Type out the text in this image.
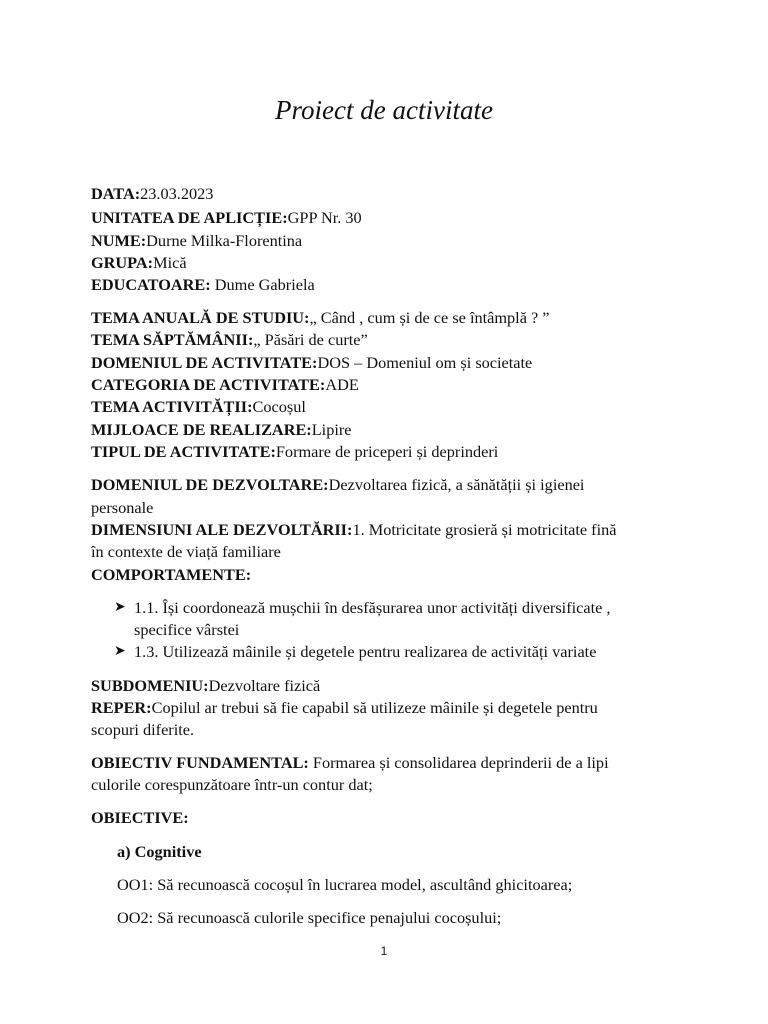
Proiect de activitate
DATA:23.03.2023
UNITATEA DE APLICȚIE:GPP Nr. 30
NUME:Durne Milka-Florentina
GRUPA:Mică
EDUCATOARE: Dume Gabriela
TEMA ANUALĂ DE STUDIU:„ Când , cum și de ce se întâmplă ? ”
TEMA SĂPTĂMÂNII:„ Păsări de curte”
DOMENIUL DE ACTIVITATE:DOS – Domeniul om și societate
CATEGORIA DE ACTIVITATE:ADE
TEMA ACTIVITĂȚII:Cocoșul
MIJLOACE DE REALIZARE:Lipire
TIPUL DE ACTIVITATE:Formare de priceperi și deprinderi
DOMENIUL DE DEZVOLTARE:Dezvoltarea fizică, a sănătății și igienei
personale
DIMENSIUNI ALE DEZVOLTĂRII:1. Motricitate grosieră și motricitate fină
în contexte de viață familiare
COMPORTAMENTE:
➤ 1.1. Își coordonează mușchii în desfășurarea unor activități diversificate ,
specifice vârstei
➤ 1.3. Utilizează mâinile și degetele pentru realizarea de activități variate
SUBDOMENIU:Dezvoltare fizică
REPER:Copilul ar trebui să fie capabil să utilizeze mâinile și degetele pentru
scopuri diferite.
OBIECTIV FUNDAMENTAL: Formarea și consolidarea deprinderii de a lipi
culorile corespunzătoare într-un contur dat;
OBIECTIVE:
a) Cognitive
OO1: Să recunoască cocoșul în lucrarea model, ascultând ghicitoarea;
OO2: Să recunoască culorile specifice penajului cocoșului;
1
